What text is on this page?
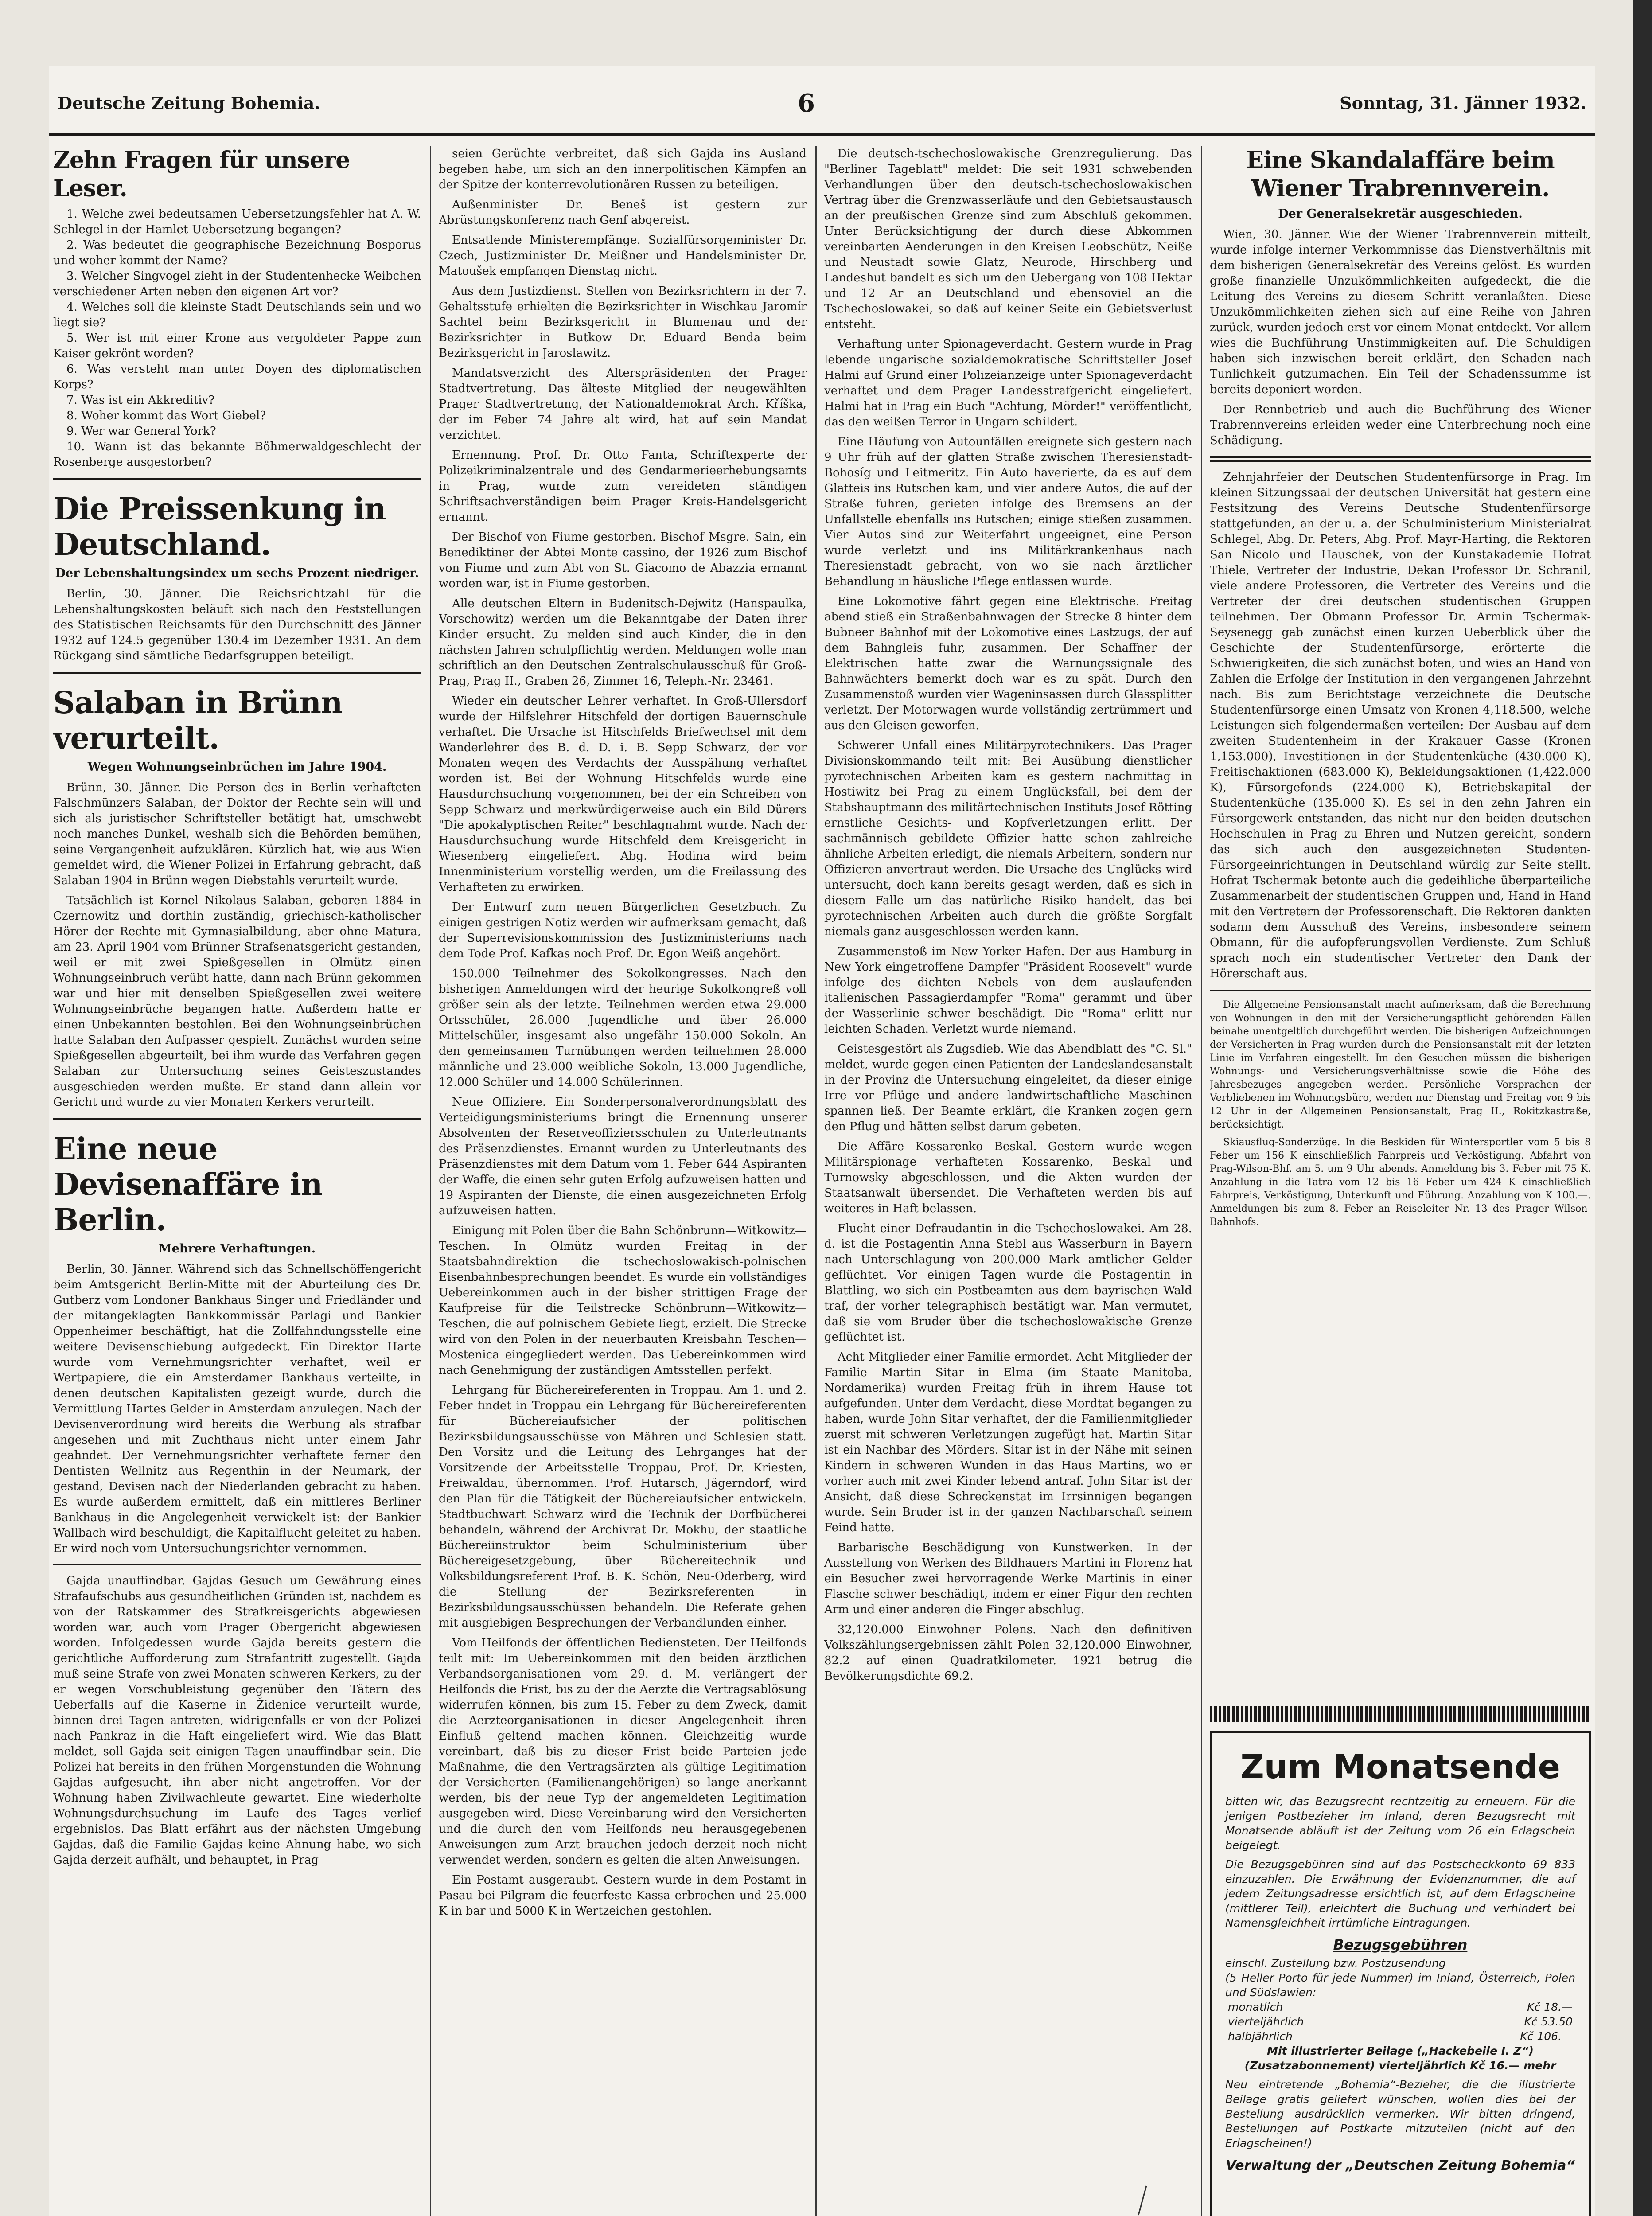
Deutsche Zeitung Bohemia.	6	Sonntag, 31. Jänner 1932.
Zehn Fragen für unsere Leser.
1. Welche zwei bedeutsamen Uebersetzungsfehler hat A. W. Schlegel in der Hamlet-Uebersetzung begangen?
2. Was bedeutet die geographische Bezeichnung Bosporus und woher kommt der Name?
3. Welcher Singvogel zieht in der Studentenhecke Weibchen verschiedener Arten neben den eigenen Art vor?
4. Welches soll die kleinste Stadt Deutschlands sein und wo liegt sie?
5. Wer ist mit einer Krone aus vergoldeter Pappe zum Kaiser gekrönt worden?
6. Was versteht man unter Doyen des diplomatischen Korps?
7. Was ist ein Akkreditiv?
8. Woher kommt das Wort Giebel?
9. Wer war General York?
10. Wann ist das bekannte Böhmerwaldgeschlecht der Rosenberge ausgestorben?
Die Preissenkung in Deutschland.
Der Lebenshaltungsindex um sechs Prozent niedriger.

Berlin, 30. Jänner. Die Reichsrichtzahl für die Lebenshaltungskosten beläuft sich nach den Feststellungen des Statistischen Reichsamts für den Durchschnitt des Jänner 1932 auf 124.5 gegenüber 130.4 im Dezember 1931. An dem Rückgang sind sämtliche Bedarfsgruppen beteiligt.

Salaban in Brünn verurteilt.
Wegen Wohnungseinbrüchen im Jahre 1904.

Brünn, 30. Jänner. Die Person des in Berlin verhafteten Falschmünzers Salaban, der Doktor der Rechte sein will und sich als juristischer Schriftsteller betätigt hat, umschwebt noch manches Dunkel, weshalb sich die Behörden bemühen, seine Vergangenheit aufzuklären. Kürzlich hat, wie aus Wien gemeldet wird, die Wiener Polizei in Erfahrung gebracht, daß Salaban 1904 in Brünn wegen Diebstahls verurteilt wurde.

Tatsächlich ist Kornel Nikolaus Salaban, geboren 1884 in Czernowitz und dorthin zuständig, griechisch-katholischer Hörer der Rechte mit Gymnasialbildung, aber ohne Matura, am 23. April 1904 vom Brünner Strafsenatsgericht gestanden, weil er mit zwei Spießgesellen in Olmütz einen Wohnungseinbruch verübt hatte, dann nach Brünn gekommen war und hier mit denselben Spießgesellen zwei weitere Wohnungseinbrüche begangen hatte. Außerdem hatte er einen Unbekannten bestohlen. Bei den Wohnungseinbrüchen hatte Salaban den Aufpasser gespielt. Zunächst wurden seine Spießgesellen abgeurteilt, bei ihm wurde das Verfahren gegen Salaban zur Untersuchung seines Geisteszustandes ausgeschieden werden mußte. Er stand dann allein vor Gericht und wurde zu vier Monaten Kerkers verurteilt.

Eine neue Devisenaffäre in Berlin.
Mehrere Verhaftungen.

Berlin, 30. Jänner. Während sich das Schnellschöffengericht beim Amtsgericht Berlin-Mitte mit der Aburteilung des Dr. Gutberz vom Londoner Bankhaus Singer und Friedländer und der mitangeklagten Bankkommissär Parlagi und Bankier Oppenheimer beschäftigt, hat die Zollfahndungsstelle eine weitere Devisenschiebung aufgedeckt. Ein Direktor Harte wurde vom Vernehmungsrichter verhaftet, weil er Wertpapiere, die ein Amsterdamer Bankhaus verteilte, in denen deutschen Kapitalisten gezeigt wurde, durch die Vermittlung Hartes Gelder in Amsterdam anzulegen. Nach der Devisenverordnung wird bereits die Werbung als strafbar angesehen und mit Zuchthaus nicht unter einem Jahr geahndet. Der Vernehmungsrichter verhaftete ferner den Dentisten Wellnitz aus Regenthin in der Neumark, der gestand, Devisen nach der Niederlanden gebracht zu haben. Es wurde außerdem ermittelt, daß ein mittleres Berliner Bankhaus in die Angelegenheit verwickelt ist: der Bankier Wallbach wird beschuldigt, die Kapitalflucht geleitet zu haben. Er wird noch vom Untersuchungsrichter vernommen.

Gajda unauffindbar. Gajdas Gesuch um Gewährung eines Strafaufschubs aus gesundheitlichen Gründen ist, nachdem es von der Ratskammer des Strafkreisgerichts abgewiesen worden war, auch vom Prager Obergericht abgewiesen worden. Infolgedessen wurde Gajda bereits gestern die gerichtliche Aufforderung zum Strafantritt zugestellt. Gajda muß seine Strafe von zwei Monaten schweren Kerkers, zu der er wegen Vorschubleistung gegenüber den Tätern des Ueberfalls auf die Kaserne in Židenice verurteilt wurde, binnen drei Tagen antreten, widrigenfalls er von der Polizei nach Pankraz in die Haft eingeliefert wird. Wie das Blatt meldet, soll Gajda seit einigen Tagen unauffindbar sein. Die Polizei hat bereits in den frühen Morgenstunden die Wohnung Gajdas aufgesucht, ihn aber nicht angetroffen. Vor der Wohnung haben Zivilwachleute gewartet. Eine wiederholte Wohnungsdurchsuchung im Laufe des Tages verlief ergebnislos. Das Blatt erfährt aus der nächsten Umgebung Gajdas, daß die Familie Gajdas keine Ahnung habe, wo sich Gajda derzeit aufhält, und behauptet, in Prag

seien Gerüchte verbreitet, daß sich Gajda ins Ausland begeben habe, um sich an den innerpolitischen Kämpfen an der Spitze der konterrevolutionären Russen zu beteiligen.

Außenminister Dr. Beneš ist gestern zur Abrüstungskonferenz nach Genf abgereist.

Entsatlende Ministerempfänge. Sozialfürsorgeminister Dr. Czech, Justizminister Dr. Meißner und Handelsminister Dr. Matoušek empfangen Dienstag nicht.

Aus dem Justizdienst. Stellen von Bezirksrichtern in der 7. Gehaltsstufe erhielten die Bezirksrichter in Wischkau Jaromír Sachtel beim Bezirksgericht in Blumenau und der Bezirksrichter in Butkow Dr. Eduard Benda beim Bezirksgericht in Jaroslawitz.

Mandatsverzicht des Alterspräsidenten der Prager Stadtvertretung. Das älteste Mitglied der neugewählten Prager Stadtvertretung, der Nationaldemokrat Arch. Kříška, der im Feber 74 Jahre alt wird, hat auf sein Mandat verzichtet.

Ernennung. Prof. Dr. Otto Fanta, Schriftexperte der Polizeikriminalzentrale und des Gendarmerieerhebungsamts in Prag, wurde zum vereideten ständigen Schriftsachverständigen beim Prager Kreis-Handelsgericht ernannt.

Der Bischof von Fiume gestorben. Bischof Msgre. Sain, ein Benediktiner der Abtei Monte cassino, der 1926 zum Bischof von Fiume und zum Abt von St. Giacomo de Abazzia ernannt worden war, ist in Fiume gestorben.

Alle deutschen Eltern in Budenitsch-Dejwitz (Hanspaulka, Vorschowitz) werden um die Bekanntgabe der Daten ihrer Kinder ersucht. Zu melden sind auch Kinder, die in den nächsten Jahren schulpflichtig werden. Meldungen wolle man schriftlich an den Deutschen Zentralschulausschuß für Groß-Prag, Prag II., Graben 26, Zimmer 16, Teleph.-Nr. 23461.

Wieder ein deutscher Lehrer verhaftet. In Groß-Ullersdorf wurde der Hilfslehrer Hitschfeld der dortigen Bauernschule verhaftet. Die Ursache ist Hitschfelds Briefwechsel mit dem Wanderlehrer des B. d. D. i. B. Sepp Schwarz, der vor Monaten wegen des Verdachts der Ausspähung verhaftet worden ist. Bei der Wohnung Hitschfelds wurde eine Hausdurchsuchung vorgenommen, bei der ein Schreiben von Sepp Schwarz und merkwürdigerweise auch ein Bild Dürers "Die apokalyptischen Reiter" beschlagnahmt wurde. Nach der Hausdurchsuchung wurde Hitschfeld dem Kreisgericht in Wiesenberg eingeliefert. Abg. Hodina wird beim Innenministerium vorstellig werden, um die Freilassung des Verhafteten zu erwirken.

Der Entwurf zum neuen Bürgerlichen Gesetzbuch. Zu einigen gestrigen Notiz werden wir aufmerksam gemacht, daß der Superrevisionskommission des Justizministeriums nach dem Tode Prof. Kafkas noch Prof. Dr. Egon Weiß angehört.

150.000 Teilnehmer des Sokolkongresses. Nach den bisherigen Anmeldungen wird der heurige Sokolkongreß voll größer sein als der letzte. Teilnehmen werden etwa 29.000 Ortsschüler, 26.000 Jugendliche und über 26.000 Mittelschüler, insgesamt also ungefähr 150.000 Sokoln. An den gemeinsamen Turnübungen werden teilnehmen 28.000 männliche und 23.000 weibliche Sokoln, 13.000 Jugendliche, 12.000 Schüler und 14.000 Schülerinnen.

Neue Offiziere. Ein Sonderpersonalverordnungsblatt des Verteidigungsministeriums bringt die Ernennung unserer Absolventen der Reserveoffiziersschulen zu Unterleutnants des Präsenzdienstes. Ernannt wurden zu Unterleutnants des Präsenzdienstes mit dem Datum vom 1. Feber 644 Aspiranten der Waffe, die einen sehr guten Erfolg aufzuweisen hatten und 19 Aspiranten der Dienste, die einen ausgezeichneten Erfolg aufzuweisen hatten.

Einigung mit Polen über die Bahn Schönbrunn—Witkowitz—Teschen. In Olmütz wurden Freitag in der Staatsbahndirektion die tschechoslowakisch-polnischen Eisenbahnbesprechungen beendet. Es wurde ein vollständiges Uebereinkommen auch in der bisher strittigen Frage der Kaufpreise für die Teilstrecke Schönbrunn—Witkowitz—Teschen, die auf polnischem Gebiete liegt, erzielt. Die Strecke wird von den Polen in der neuerbauten Kreisbahn Teschen—Mostenica eingegliedert werden. Das Uebereinkommen wird nach Genehmigung der zuständigen Amtsstellen perfekt.

Lehrgang für Büchereireferenten in Troppau. Am 1. und 2. Feber findet in Troppau ein Lehrgang für Büchereireferenten für Büchereiaufsicher der politischen Bezirksbildungsausschüsse von Mähren und Schlesien statt. Den Vorsitz und die Leitung des Lehrganges hat der Vorsitzende der Arbeitsstelle Troppau, Prof. Dr. Kriesten, Freiwaldau, übernommen. Prof. Hutarsch, Jägerndorf, wird den Plan für die Tätigkeit der Büchereiaufsicher entwickeln. Stadtbuchwart Schwarz wird die Technik der Dorfbücherei behandeln, während der Archivrat Dr. Mokhu, der staatliche Büchereiinstruktor beim Schulministerium über Büchereigesetzgebung, über Büchereitechnik und Volksbildungsreferent Prof. B. K. Schön, Neu-Oderberg, wird die Stellung der Bezirksreferenten in Bezirksbildungsausschüssen behandeln. Die Referate gehen mit ausgiebigen Besprechungen der Verbandlunden einher.

Vom Heilfonds der öffentlichen Bediensteten. Der Heilfonds teilt mit: Im Uebereinkommen mit den beiden ärztlichen Verbandsorganisationen vom 29. d. M. verlängert der Heilfonds die Frist, bis zu der die Aerzte die Vertragsablösung widerrufen können, bis zum 15. Feber zu dem Zweck, damit die Aerzteorganisationen in dieser Angelegenheit ihren Einfluß geltend machen können. Gleichzeitig wurde vereinbart, daß bis zu dieser Frist beide Parteien jede Maßnahme, die den Vertragsärzten als gültige Legitimation der Versicherten (Familienangehörigen) so lange anerkannt werden, bis der neue Typ der angemeldeten Legitimation ausgegeben wird. Diese Vereinbarung wird den Versicherten und die durch den vom Heilfonds neu herausgegebenen Anweisungen zum Arzt brauchen jedoch derzeit noch nicht verwendet werden, sondern es gelten die alten Anweisungen.

Ein Postamt ausgeraubt. Gestern wurde in dem Postamt in Pasau bei Pilgram die feuerfeste Kassa erbrochen und 25.000 K in bar und 5000 K in Wertzeichen gestohlen.

Die deutsch-tschechoslowakische Grenzregulierung. Das "Berliner Tageblatt" meldet: Die seit 1931 schwebenden Verhandlungen über den deutsch-tschechoslowakischen Vertrag über die Grenzwasserläufe und den Gebietsaustausch an der preußischen Grenze sind zum Abschluß gekommen. Unter Berücksichtigung der durch diese Abkommen vereinbarten Aenderungen in den Kreisen Leobschütz, Neiße und Neustadt sowie Glatz, Neurode, Hirschberg und Landeshut bandelt es sich um den Uebergang von 108 Hektar und 12 Ar an Deutschland und ebensoviel an die Tschechoslowakei, so daß auf keiner Seite ein Gebietsverlust entsteht.

Verhaftung unter Spionageverdacht. Gestern wurde in Prag lebende ungarische sozialdemokratische Schriftsteller Josef Halmi auf Grund einer Polizeianzeige unter Spionageverdacht verhaftet und dem Prager Landesstrafgericht eingeliefert. Halmi hat in Prag ein Buch "Achtung, Mörder!" veröffentlicht, das den weißen Terror in Ungarn schildert.

Eine Häufung von Autounfällen ereignete sich gestern nach 9 Uhr früh auf der glatten Straße zwischen Theresienstadt-Bohosíg und Leitmeritz. Ein Auto haverierte, da es auf dem Glatteis ins Rutschen kam, und vier andere Autos, die auf der Straße fuhren, gerieten infolge des Bremsens an der Unfallstelle ebenfalls ins Rutschen; einige stießen zusammen. Vier Autos sind zur Weiterfahrt ungeeignet, eine Person wurde verletzt und ins Militärkrankenhaus nach Theresienstadt gebracht, von wo sie nach ärztlicher Behandlung in häusliche Pflege entlassen wurde.

Eine Lokomotive fährt gegen eine Elektrische. Freitag abend stieß ein Straßenbahnwagen der Strecke 8 hinter dem Bubneer Bahnhof mit der Lokomotive eines Lastzugs, der auf dem Bahngleis fuhr, zusammen. Der Schaffner der Elektrischen hatte zwar die Warnungssignale des Bahnwächters bemerkt doch war es zu spät. Durch den Zusammenstoß wurden vier Wageninsassen durch Glassplitter verletzt. Der Motorwagen wurde vollständig zertrümmert und aus den Gleisen geworfen.

Schwerer Unfall eines Militärpyrotechnikers. Das Prager Divisionskommando teilt mit: Bei Ausübung dienstlicher pyrotechnischen Arbeiten kam es gestern nachmittag in Hostiwitz bei Prag zu einem Unglücksfall, bei dem der Stabshauptmann des militärtechnischen Instituts Josef Rötting ernstliche Gesichts- und Kopfverletzungen erlitt. Der sachmännisch gebildete Offizier hatte schon zahlreiche ähnliche Arbeiten erledigt, die niemals Arbeitern, sondern nur Offizieren anvertraut werden. Die Ursache des Unglücks wird untersucht, doch kann bereits gesagt werden, daß es sich in diesem Falle um das natürliche Risiko handelt, das bei pyrotechnischen Arbeiten auch durch die größte Sorgfalt niemals ganz ausgeschlossen werden kann.

Zusammenstoß im New Yorker Hafen. Der aus Hamburg in New York eingetroffene Dampfer "Präsident Roosevelt" wurde infolge des dichten Nebels von dem auslaufenden italienischen Passagierdampfer "Roma" gerammt und über der Wasserlinie schwer beschädigt. Die "Roma" erlitt nur leichten Schaden. Verletzt wurde niemand.

Geistesgestört als Zugsdieb. Wie das Abendblatt des "C. Sl." meldet, wurde gegen einen Patienten der Landeslandesanstalt in der Provinz die Untersuchung eingeleitet, da dieser einige Irre vor Pflüge und andere landwirtschaftliche Maschinen spannen ließ. Der Beamte erklärt, die Kranken zogen gern den Pflug und hätten selbst darum gebeten.

Die Affäre Kossarenko—Beskal. Gestern wurde wegen Militärspionage verhafteten Kossarenko, Beskal und Turnowsky abgeschlossen, und die Akten wurden der Staatsanwalt übersendet. Die Verhafteten werden bis auf weiteres in Haft belassen.

Flucht einer Defraudantin in die Tschechoslowakei. Am 28. d. ist die Postagentin Anna Stebl aus Wasserburn in Bayern nach Unterschlagung von 200.000 Mark amtlicher Gelder geflüchtet. Vor einigen Tagen wurde die Postagentin in Blattling, wo sich ein Postbeamten aus dem bayrischen Wald traf, der vorher telegraphisch bestätigt war. Man vermutet, daß sie vom Bruder über die tschechoslowakische Grenze geflüchtet ist.

Acht Mitglieder einer Familie ermordet. Acht Mitglieder der Familie Martin Sitar in Elma (im Staate Manitoba, Nordamerika) wurden Freitag früh in ihrem Hause tot aufgefunden. Unter dem Verdacht, diese Mordtat begangen zu haben, wurde John Sitar verhaftet, der die Familienmitglieder zuerst mit schweren Verletzungen zugefügt hat. Martin Sitar ist ein Nachbar des Mörders. Sitar ist in der Nähe mit seinen Kindern in schweren Wunden in das Haus Martins, wo er vorher auch mit zwei Kinder lebend antraf. John Sitar ist der Ansicht, daß diese Schreckenstat im Irrsinnigen begangen wurde. Sein Bruder ist in der ganzen Nachbarschaft seinem Feind hatte.

Barbarische Beschädigung von Kunstwerken. In der Ausstellung von Werken des Bildhauers Martini in Florenz hat ein Besucher zwei hervorragende Werke Martinis in einer Flasche schwer beschädigt, indem er einer Figur den rechten Arm und einer anderen die Finger abschlug.

32,120.000 Einwohner Polens. Nach den definitiven Volkszählungsergebnissen zählt Polen 32,120.000 Einwohner, 82.2 auf einen Quadratkilometer. 1921 betrug die Bevölkerungsdichte 69.2.

Eine Skandalaffäre beim Wiener Trabrennverein.
Der Generalsekretär ausgeschieden.

Wien, 30. Jänner. Wie der Wiener Trabrennverein mitteilt, wurde infolge interner Verkommnisse das Dienstverhältnis mit dem bisherigen Generalsekretär des Vereins gelöst. Es wurden große finanzielle Unzukömmlichkeiten aufgedeckt, die die Leitung des Vereins zu diesem Schritt veranlaßten. Diese Unzukömmlichkeiten ziehen sich auf eine Reihe von Jahren zurück, wurden jedoch erst vor einem Monat entdeckt. Vor allem wies die Buchführung Unstimmigkeiten auf. Die Schuldigen haben sich inzwischen bereit erklärt, den Schaden nach Tunlichkeit gutzumachen. Ein Teil der Schadenssumme ist bereits deponiert worden.

Der Rennbetrieb und auch die Buchführung des Wiener Trabrennvereins erleiden weder eine Unterbrechung noch eine Schädigung.

Zehnjahrfeier der Deutschen Studentenfürsorge in Prag. Im kleinen Sitzungssaal der deutschen Universität hat gestern eine Festsitzung des Vereins Deutsche Studentenfürsorge stattgefunden, an der u. a. der Schulministerium Ministerialrat Schlegel, Abg. Dr. Peters, Abg. Prof. Mayr-Harting, die Rektoren San Nicolo und Hauschek, von der Kunstakademie Hofrat Thiele, Vertreter der Industrie, Dekan Professor Dr. Schranil, viele andere Professoren, die Vertreter des Vereins und die Vertreter der drei deutschen studentischen Gruppen teilnehmen. Der Obmann Professor Dr. Armin Tschermak-Seysenegg gab zunächst einen kurzen Ueberblick über die Geschichte der Studentenfürsorge, erörterte die Schwierigkeiten, die sich zunächst boten, und wies an Hand von Zahlen die Erfolge der Institution in den vergangenen Jahrzehnt nach. Bis zum Berichtstage verzeichnete die Deutsche Studentenfürsorge einen Umsatz von Kronen 4,118.500, welche Leistungen sich folgendermaßen verteilen: Der Ausbau auf dem zweiten Studentenheim in der Krakauer Gasse (Kronen 1,153.000), Investitionen in der Studentenküche (430.000 K), Freitischaktionen (683.000 K), Bekleidungsaktionen (1,422.000 K), Fürsorgefonds (224.000 K), Betriebskapital der Studentenküche (135.000 K). Es sei in den zehn Jahren ein Fürsorgewerk entstanden, das nicht nur den beiden deutschen Hochschulen in Prag zu Ehren und Nutzen gereicht, sondern das sich auch den ausgezeichneten Studenten-Fürsorgeeinrichtungen in Deutschland würdig zur Seite stellt. Hofrat Tschermak betonte auch die gedeihliche überparteiliche Zusammenarbeit der studentischen Gruppen und, Hand in Hand mit den Vertretern der Professorenschaft. Die Rektoren dankten sodann dem Ausschuß des Vereins, insbesondere seinem Obmann, für die aufopferungsvollen Verdienste. Zum Schluß sprach noch ein studentischer Vertreter den Dank der Hörerschaft aus.

Die Allgemeine Pensionsanstalt macht aufmerksam, daß die Berechnung von Wohnungen in den mit der Versicherungspflicht gehörenden Fällen beinahe unentgeltlich durchgeführt werden. Die bisherigen Aufzeichnungen der Versicherten in Prag wurden durch die Pensionsanstalt mit der letzten Linie im Verfahren eingestellt. Im den Gesuchen müssen die bisherigen Wohnungs- und Versicherungsverhältnisse sowie die Höhe des Jahresbezuges angegeben werden. Persönliche Vorsprachen der Verbliebenen im Wohnungsbüro, werden nur Dienstag und Freitag von 9 bis 12 Uhr in der Allgemeinen Pensionsanstalt, Prag II., Rokitzkastraße, berücksichtigt.

Skiausflug-Sonderzüge. In die Beskiden für Wintersportler vom 5 bis 8 Feber um 156 K einschließlich Fahrpreis und Verköstigung. Abfahrt von Prag-Wilson-Bhf. am 5. um 9 Uhr abends. Anmeldung bis 3. Feber mit 75 K. Anzahlung in die Tatra vom 12 bis 16 Feber um 424 K einschließlich Fahrpreis, Verköstigung, Unterkunft und Führung. Anzahlung von K 100.—. Anmeldungen bis zum 8. Feber an Reiseleiter Nr. 13 des Prager Wilson-Bahnhofs.

Zum Monatsende

bitten wir, das Bezugsrecht rechtzeitig zu erneuern. Für die jenigen Postbezieher im Inland, deren Bezugsrecht mit Monatsende abläuft ist der Zeitung vom 26 ein Erlagschein beigelegt.

Die Bezugsgebühren sind auf das Postscheckkonto 69 833 einzuzahlen. Die Erwähnung der Evidenznummer, die auf jedem Zeitungsadresse ersichtlich ist, auf dem Erlagscheine (mittlerer Teil), erleichtert die Buchung und verhindert bei Namensgleichheit irrtümliche Eintragungen.

Bezugsgebühren

einschl. Zustellung bzw. Postzusendung

(5 Heller Porto für jede Nummer) im Inland, Österreich, Polen und Südslawien:

monatlich	Kč 18.—
vierteljährlich	Kč 53.50
halbjährlich	Kč 106.—

Mit illustrierter Beilage („Hackebeile I. Z“) (Zusatzabonnement) vierteljährlich Kč 16.— mehr

Neu eintretende „Bohemia“-Bezieher, die die illustrierte Beilage gratis geliefert wünschen, wollen dies bei der Bestellung ausdrücklich vermerken. Wir bitten dringend, Bestellungen auf Postkarte mitzuteilen (nicht auf den Erlagscheinen!)

Verwaltung der „Deutschen Zeitung Bohemia“
